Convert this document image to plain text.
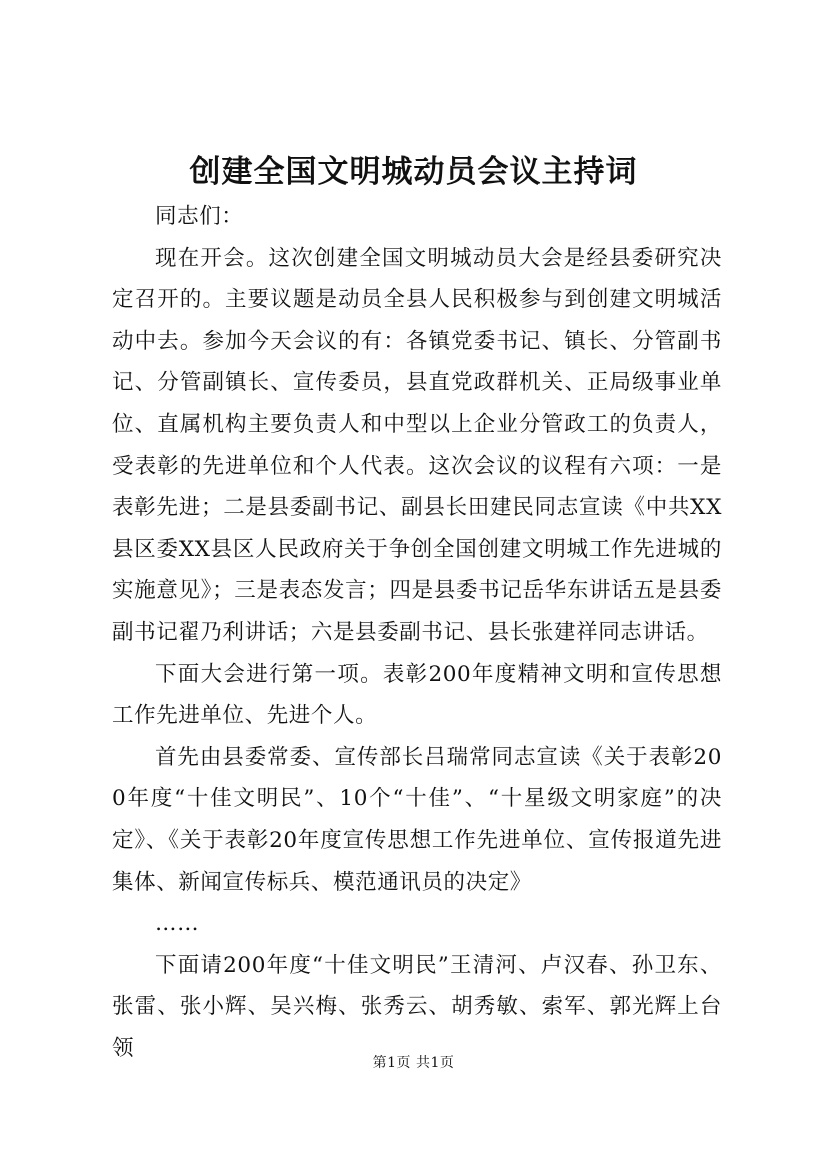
创建全国文明城动员会议主持词

同志们：

现在开会。这次创建全国文明城动员大会是经县委研究决定召开的。主要议题是动员全县人民积极参与到创建文明城活动中去。参加今天会议的有：各镇党委书记、镇长、分管副书记、分管副镇长、宣传委员，县直党政群机关、正局级事业单位、直属机构主要负责人和中型以上企业分管政工的负责人，受表彰的先进单位和个人代表。这次会议的议程有六项：一是表彰先进；二是县委副书记、副县长田建民同志宣读《中共XX县区委XX县区人民政府关于争创全国创建文明城工作先进城的实施意见》；三是表态发言；四是县委书记岳华东讲话五是县委副书记翟乃利讲话；六是县委副书记、县长张建祥同志讲话。

下面大会进行第一项。表彰200年度精神文明和宣传思想工作先进单位、先进个人。

首先由县委常委、宣传部长吕瑞常同志宣读《关于表彰200年度“十佳文明民”、10个“十佳”、“十星级文明家庭”的决定》、《关于表彰20年度宣传思想工作先进单位、宣传报道先进集体、新闻宣传标兵、模范通讯员的决定》

……

下面请200年度“十佳文明民”王清河、卢汉春、孙卫东、张雷、张小辉、吴兴梅、张秀云、胡秀敏、索军、郭光辉上台领

第1页 共1页
